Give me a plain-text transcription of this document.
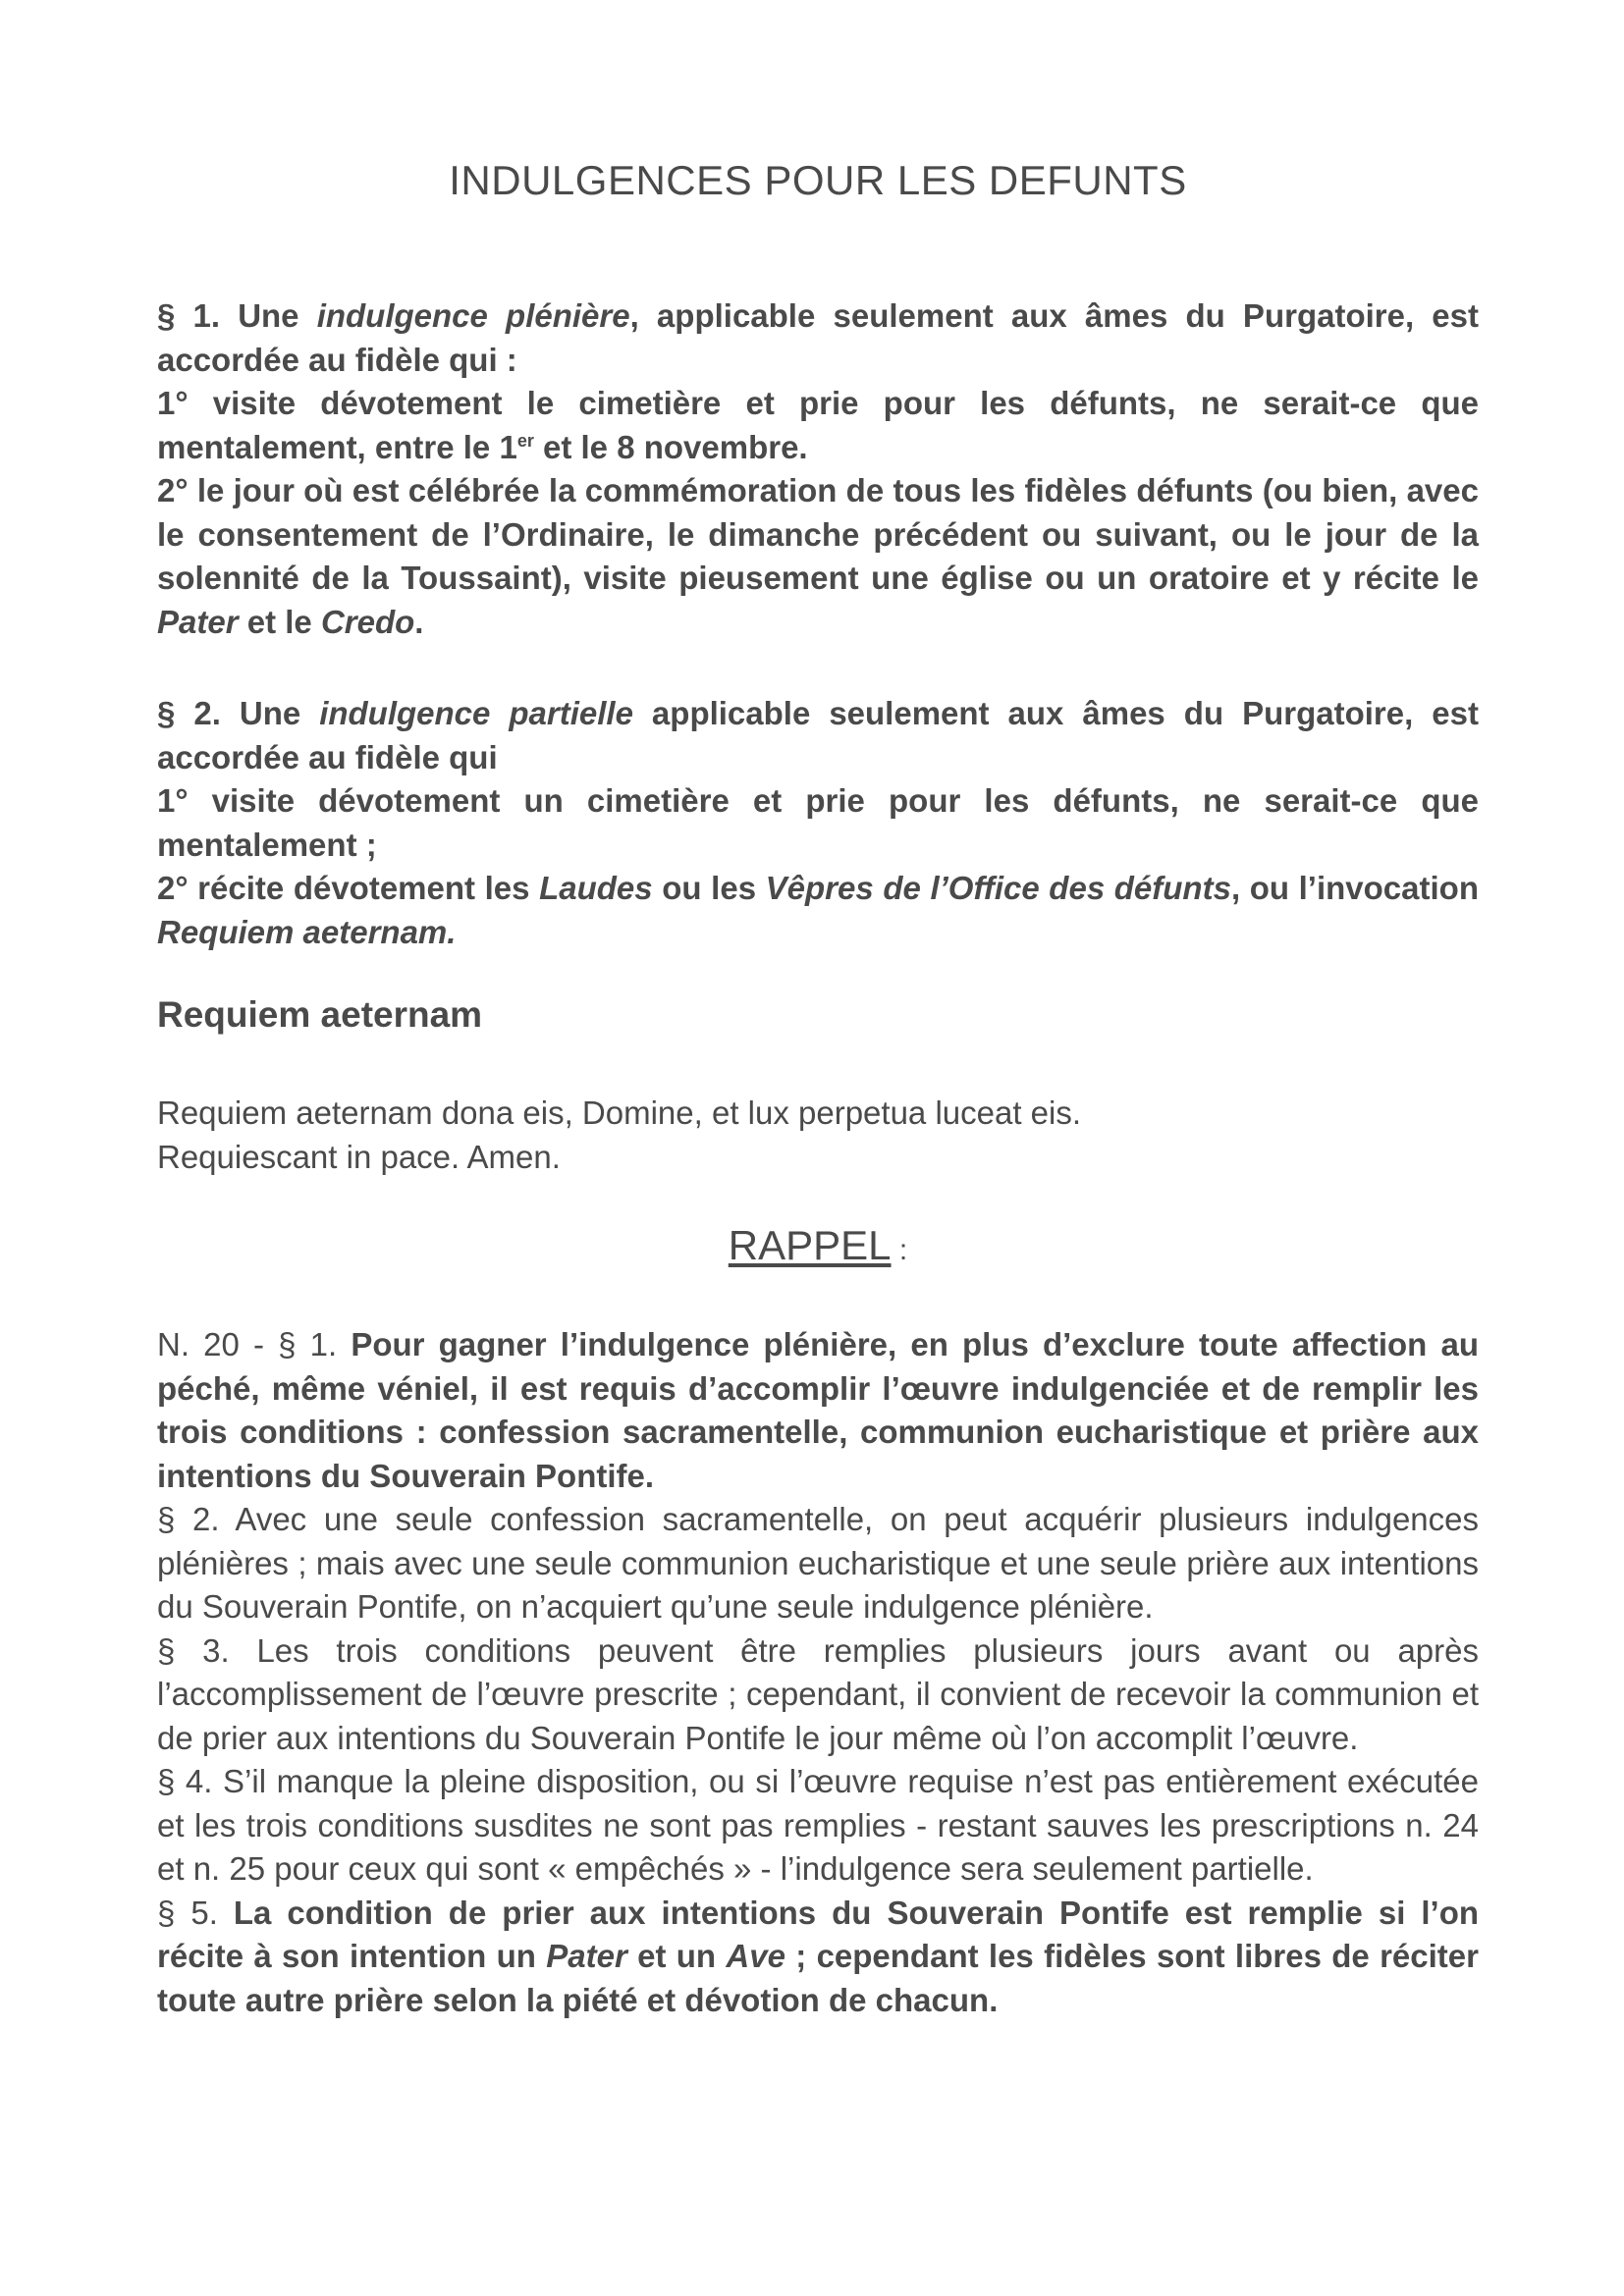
INDULGENCES POUR LES DEFUNTS

§ 1. Une indulgence plénière, applicable seulement aux âmes du Purgatoire, est accordée au fidèle qui :

1° visite dévotement le cimetière et prie pour les défunts, ne serait-ce que mentalement, entre le 1er et le 8 novembre.

2° le jour où est célébrée la commémoration de tous les fidèles défunts (ou bien, avec le consentement de l’Ordinaire, le dimanche précédent ou suivant, ou le jour de la solennité de la Toussaint), visite pieusement une église ou un oratoire et y récite le Pater et le Credo.

§ 2. Une indulgence partielle applicable seulement aux âmes du Purgatoire, est accordée au fidèle qui

1° visite dévotement un cimetière et prie pour les défunts, ne serait-ce que mentalement ;

2° récite dévotement les Laudes ou les Vêpres de l’Office des défunts, ou l’invocation Requiem aeternam.

Requiem aeternam
Requiem aeternam dona eis, Domine, et lux perpetua luceat eis.
Requiescant in pace. Amen.
RAPPEL :

N. 20 - § 1. Pour gagner l’indulgence plénière, en plus d’exclure toute affection au péché, même véniel, il est requis d’accomplir l’œuvre indulgenciée et de remplir les trois conditions : confession sacramentelle, communion eucharistique et prière aux intentions du Souverain Pontife.

§ 2. Avec une seule confession sacramentelle, on peut acquérir plusieurs indulgences plénières ; mais avec une seule communion eucharistique et une seule prière aux intentions du Souverain Pontife, on n’acquiert qu’une seule indulgence plénière.

§ 3. Les trois conditions peuvent être remplies plusieurs jours avant ou après l’accomplissement de l’œuvre prescrite ; cependant, il convient de recevoir la communion et de prier aux intentions du Souverain Pontife le jour même où l’on accomplit l’œuvre.

§ 4. S’il manque la pleine disposition, ou si l’œuvre requise n’est pas entièrement exécutée et les trois conditions susdites ne sont pas remplies - restant sauves les prescriptions n. 24 et n. 25 pour ceux qui sont « empêchés » - l’indulgence sera seulement partielle.

§ 5. La condition de prier aux intentions du Souverain Pontife est remplie si l’on récite à son intention un Pater et un Ave ; cependant les fidèles sont libres de réciter toute autre prière selon la piété et dévotion de chacun.
